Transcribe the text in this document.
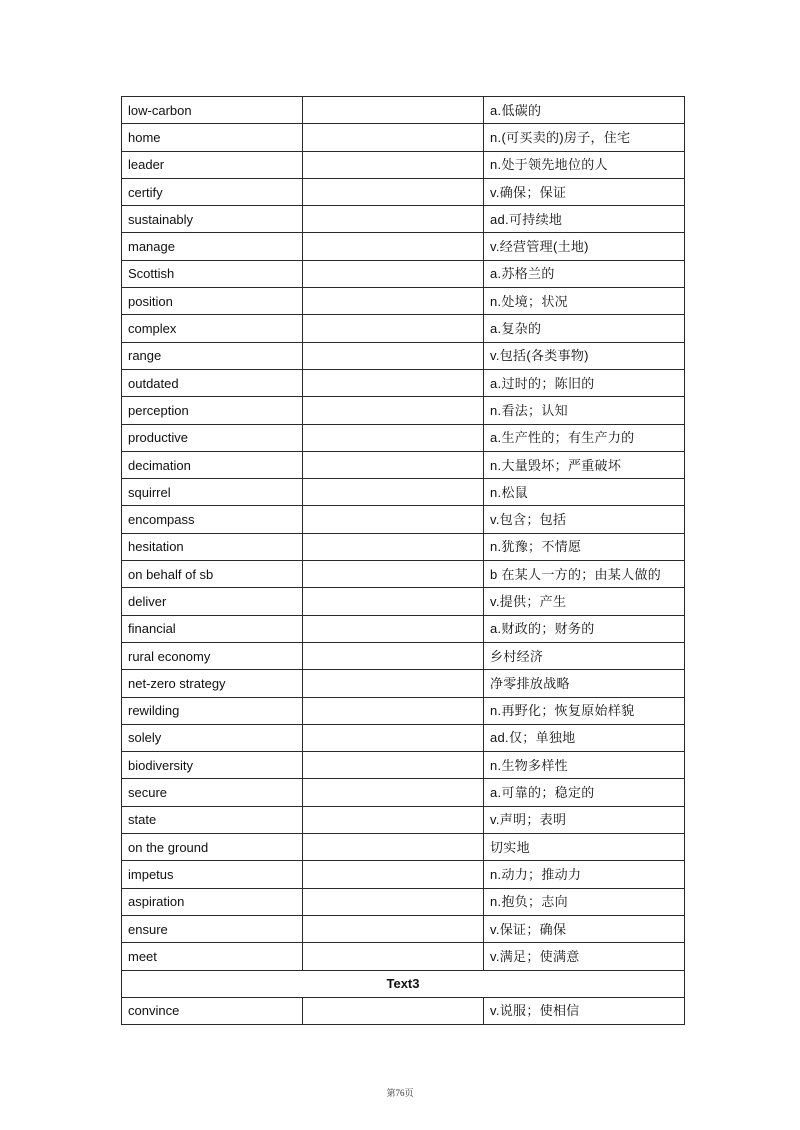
low-carbon		a.低碳的
home		n.(可买卖的)房子，住宅
leader		n.处于领先地位的人
certify		v.确保；保证
sustainably		ad.可持续地
manage		v.经营管理(土地)
Scottish		a.苏格兰的
position		n.处境；状况
complex		a.复杂的
range		v.包括(各类事物)
outdated		a.过时的；陈旧的
perception		n.看法；认知
productive		a.生产性的；有生产力的
decimation		n.大量毁坏；严重破坏
squirrel		n.松鼠
encompass		v.包含；包括
hesitation		n.犹豫；不情愿
on behalf of sb		b 在某人一方的；由某人做的
deliver		v.提供；产生
financial		a.财政的；财务的
rural economy		乡村经济
net-zero strategy		净零排放战略
rewilding		n.再野化；恢复原始样貌
solely		ad.仅；单独地
biodiversity		n.生物多样性
secure		a.可靠的；稳定的
state		v.声明；表明
on the ground		切实地
impetus		n.动力；推动力
aspiration		n.抱负；志向
ensure		v.保证；确保
meet		v.满足；使满意
Text3		
convince		v.说服；使相信
第76页
